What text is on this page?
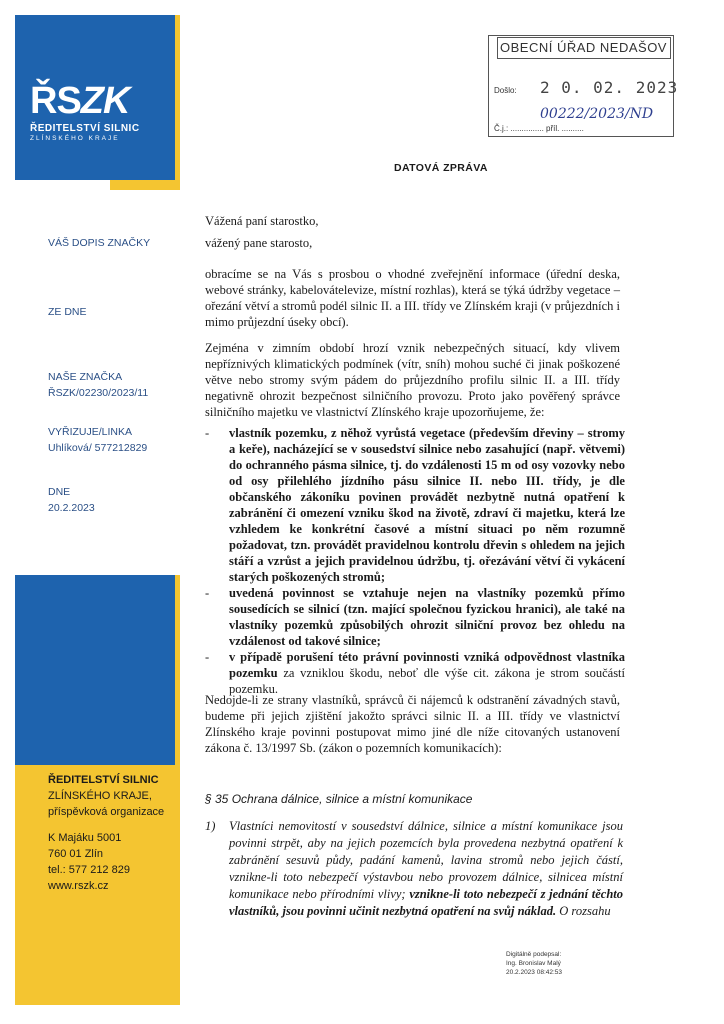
ŘSZK
ŘEDITELSTVÍ SILNIC
ZLÍNSKÉHO KRAJE
OBECNÍ ÚŘAD NEDAŠOV
Došlo: 2 0. 02. 2023
00222/2023/ND
Č.j.: ............... příl. ..........
DATOVÁ ZPRÁVA
VÁŠ DOPIS ZNAČKY
ZE DNE
NAŠE ZNAČKA
ŘSZK/02230/2023/11
VYŘIZUJE/LINKA
Uhlíková/ 577212829
DNE
20.2.2023
Vážená paní starostko,
vážený pane starosto,
obracíme se na Vás s prosbou o vhodné zveřejnění informace (úřední deska, webové stránky, kabelovátelevize, místní rozhlas), která se týká údržby vegetace – ořezání větví a stromů podél silnic II. a III. třídy ve Zlínském kraji (v průjezdních i mimo průjezdní úseky obcí).
Zejména v zimním období hrozí vznik nebezpečných situací, kdy vlivem nepříznivých klimatických podmínek (vítr, sníh) mohou suché či jinak poškozené větve nebo stromy svým pádem do průjezdního profilu silnic II. a III. třídy negativně ohrozit bezpečnost silničního provozu. Proto jako pověřený správce silničního majetku ve vlastnictví Zlínského kraje upozorňujeme, že:
- vlastník pozemku, z něhož vyrůstá vegetace (především dřeviny – stromy a keře), nacházející se v sousedství silnice nebo zasahující (např. větvemi) do ochranného pásma silnice, tj. do vzdálenosti 15 m od osy vozovky nebo od osy přilehlého jízdního pásu silnice II. nebo III. třídy, je dle občanského zákoníku povinen provádět nezbytně nutná opatření k zabránění či omezení vzniku škod na životě, zdraví či majetku, která lze vzhledem ke konkrétní časové a místní situaci po něm rozumně požadovat, tzn. provádět pravidelnou kontrolu dřevin s ohledem na jejich stáří a vzrůst a jejich pravidelnou údržbu, tj. ořezávání větví či vykácení starých poškozených stromů;
- uvedená povinnost se vztahuje nejen na vlastníky pozemků přímo sousedících se silnicí (tzn. mající společnou fyzickou hranici), ale také na vlastníky pozemků způsobilých ohrozit silniční provoz bez ohledu na vzdálenost od takové silnice;
- v případě porušení této právní povinnosti vzniká odpovědnost vlastníka pozemku za vzniklou škodu, neboť dle výše cit. zákona je strom součástí pozemku.
Nedojde-li ze strany vlastníků, správců či nájemců k odstranění závadných stavů, budeme při jejich zjištění jakožto správci silnic II. a III. třídy ve vlastnictví Zlínského kraje povinni postupovat mimo jiné dle níže citovaných ustanovení zákona č. 13/1997 Sb. (zákon o pozemních komunikacích):
§ 35 Ochrana dálnice, silnice a místní komunikace
1)	Vlastníci nemovitostí v sousedství dálnice, silnice a místní komunikace jsou povinni strpět, aby na jejich pozemcích byla provedena nezbytná opatření k zabránění sesuvů půdy, padání kamenů, lavina stromů nebo jejich částí, vznikne-li toto nebezpečí výstavbou nebo provozem dálnice, silnicea místní komunikace nebo přírodními vlivy; vznikne-li toto nebezpečí z jednání těchto vlastníků, jsou povinni učinit nezbytná opatření na svůj náklad. O rozsahu
ŘEDITELSTVÍ SILNIC
ZLÍNSKÉHO KRAJE,
příspěvková organizace
K Majáku 5001
760 01 Zlín
tel.: 577 212 829
www.rszk.cz
Digitálně podepsal:
Ing. Bronislav Malý
20.2.2023 08:42:53
